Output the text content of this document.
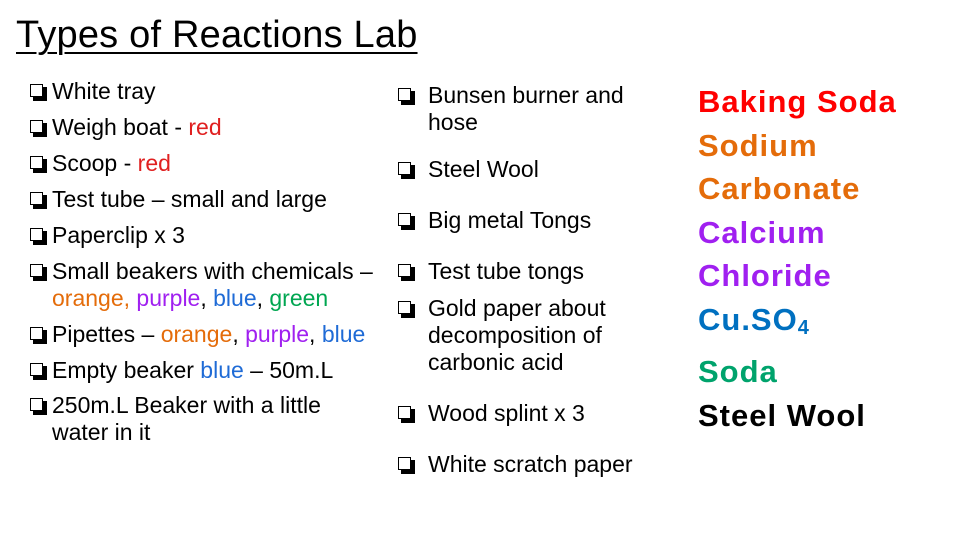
Types of Reactions Lab
White tray
Weigh boat - red
Scoop - red
Test tube – small and large
Paperclip x 3
Small beakers with chemicals – orange, purple, blue, green
Pipettes – orange, purple, blue
Empty beaker blue – 50m.L
250m.L Beaker with a little water in it
Bunsen burner and hose
Steel Wool
Big metal Tongs
Test tube tongs
Gold paper about decomposition of carbonic acid
Wood splint x 3
White scratch paper
Baking Soda
Sodium Carbonate
Calcium Chloride
$Cu.SO_4$
Soda
Steel Wool
